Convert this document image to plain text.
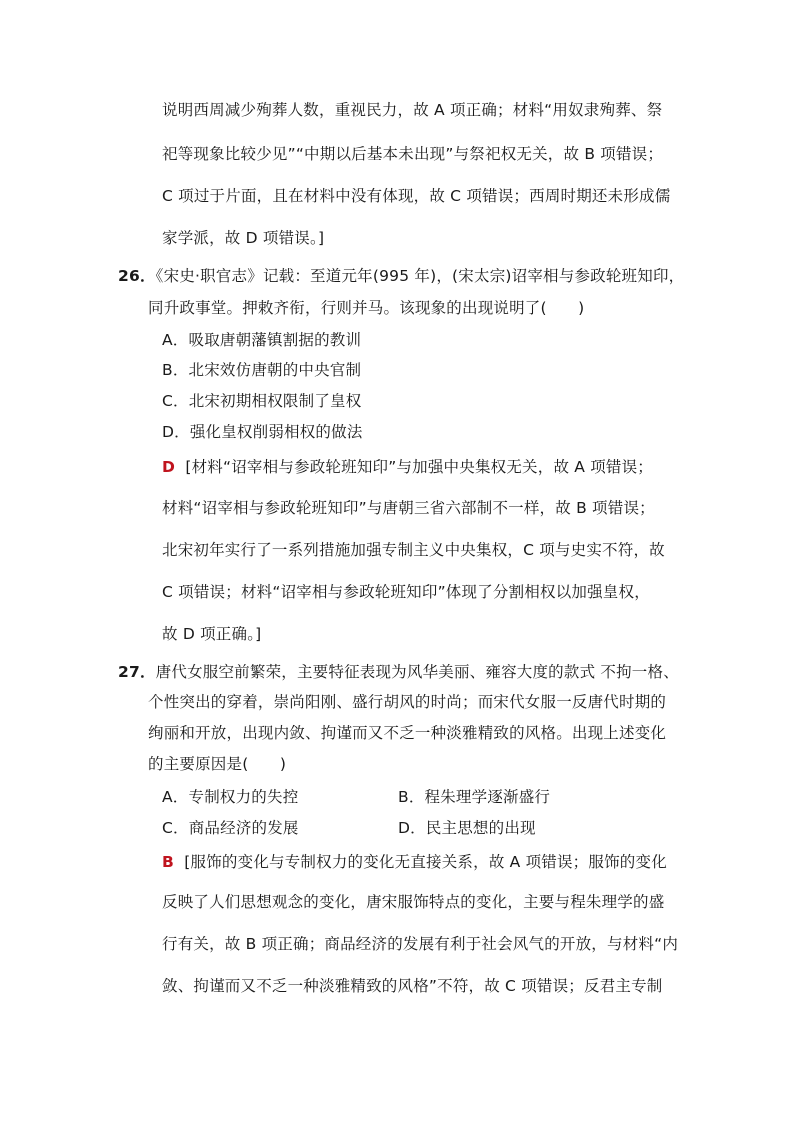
说明西周减少殉葬人数，重视民力，故 A 项正确；材料“用奴隶殉葬、祭
祀等现象比较少见”“中期以后基本未出现”与祭祀权无关，故 B 项错误；
C 项过于片面，且在材料中没有体现，故 C 项错误；西周时期还未形成儒
家学派，故 D 项错误。]
26．《宋史·职官志》记载：至道元年(995 年)，(宋太宗)诏宰相与参政轮班知印，
同升政事堂。押敕齐衔，行则并马。该现象的出现说明了(　　)
A．吸取唐朝藩镇割据的教训
B．北宋效仿唐朝的中央官制
C．北宋初期相权限制了皇权
D．强化皇权削弱相权的做法
D [材料“诏宰相与参政轮班知印”与加强中央集权无关，故 A 项错误；
材料“诏宰相与参政轮班知印”与唐朝三省六部制不一样，故 B 项错误；
北宋初年实行了一系列措施加强专制主义中央集权，C 项与史实不符，故
C 项错误；材料“诏宰相与参政轮班知印”体现了分割相权以加强皇权，
故 D 项正确。]
27．唐代女服空前繁荣，主要特征表现为风华美丽、雍容大度的款式 不拘一格、
个性突出的穿着，崇尚阳刚、盛行胡风的时尚；而宋代女服一反唐代时期的
绚丽和开放，出现内敛、拘谨而又不乏一种淡雅精致的风格。出现上述变化
的主要原因是(　　)
A．专制权力的失控	B．程朱理学逐渐盛行
C．商品经济的发展	D．民主思想的出现
B [服饰的变化与专制权力的变化无直接关系，故 A 项错误；服饰的变化
反映了人们思想观念的变化，唐宋服饰特点的变化，主要与程朱理学的盛
行有关，故 B 项正确；商品经济的发展有利于社会风气的开放，与材料“内
敛、拘谨而又不乏一种淡雅精致的风格”不符，故 C 项错误；反君主专制
